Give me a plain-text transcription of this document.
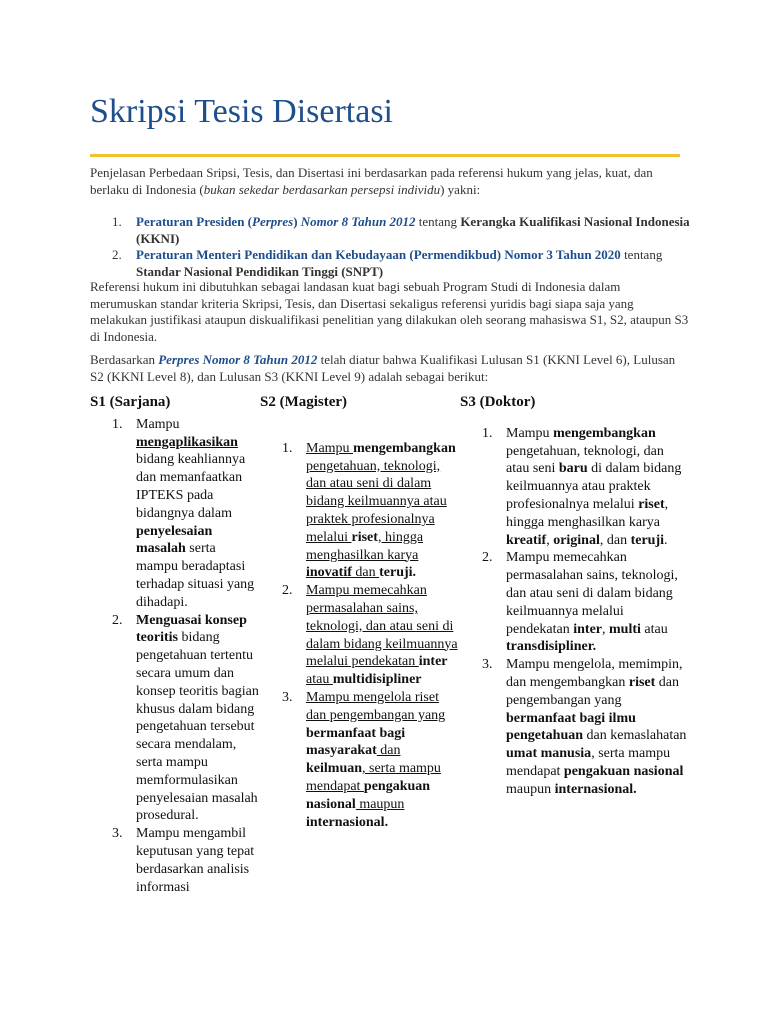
Skripsi Tesis Disertasi

Penjelasan Perbedaan Sripsi, Tesis, dan Disertasi ini berdasarkan pada referensi hukum yang jelas, kuat, dan berlaku di Indonesia (bukan sekedar berdasarkan persepsi individu) yakni:

1. Peraturan Presiden (Perpres) Nomor 8 Tahun 2012 tentang Kerangka Kualifikasi Nasional Indonesia (KKNI)
2. Peraturan Menteri Pendidikan dan Kebudayaan (Permendikbud) Nomor 3 Tahun 2020 tentang Standar Nasional Pendidikan Tinggi (SNPT)

Referensi hukum ini dibutuhkan sebagai landasan kuat bagi sebuah Program Studi di Indonesia dalam merumuskan standar kriteria Skripsi, Tesis, dan Disertasi sekaligus referensi yuridis bagi siapa saja yang melakukan justifikasi ataupun diskualifikasi penelitian yang dilakukan oleh seorang mahasiswa S1, S2, ataupun S3 di Indonesia.

Berdasarkan Perpres Nomor 8 Tahun 2012 telah diatur bahwa Kualifikasi Lulusan S1 (KKNI Level 6), Lulusan S2 (KKNI Level 8), dan Lulusan S3 (KKNI Level 9) adalah sebagai berikut:

S1 (Sarjana)
1. Mampu mengaplikasikan bidang keahliannya dan memanfaatkan IPTEKS pada bidangnya dalam penyelesaian masalah serta mampu beradaptasi terhadap situasi yang dihadapi.
2. Menguasai konsep teoritis bidang pengetahuan tertentu secara umum dan konsep teoritis bagian khusus dalam bidang pengetahuan tersebut secara mendalam, serta mampu memformulasikan penyelesaian masalah prosedural.
3. Mampu mengambil keputusan yang tepat berdasarkan analisis informasi
S2 (Magister)
1. Mampu mengembangkan pengetahuan, teknologi, dan atau seni di dalam bidang keilmuannya atau praktek profesionalnya melalui riset, hingga menghasilkan karya inovatif dan teruji.
2. Mampu memecahkan permasalahan sains, teknologi, dan atau seni di dalam bidang keilmuannya melalui pendekatan inter atau multidisipliner
3. Mampu mengelola riset dan pengembangan yang bermanfaat bagi masyarakat dan keilmuan, serta mampu mendapat pengakuan nasional maupun internasional.
S3 (Doktor)
1. Mampu mengembangkan pengetahuan, teknologi, dan atau seni baru di dalam bidang keilmuannya atau praktek profesionalnya melalui riset, hingga menghasilkan karya kreatif, original, dan teruji.
2. Mampu memecahkan permasalahan sains, teknologi, dan atau seni di dalam bidang keilmuannya melalui pendekatan inter, multi atau transdisipliner.
3. Mampu mengelola, memimpin, dan mengembangkan riset dan pengembangan yang bermanfaat bagi ilmu pengetahuan dan kemaslahatan umat manusia, serta mampu mendapat pengakuan nasional maupun internasional.
